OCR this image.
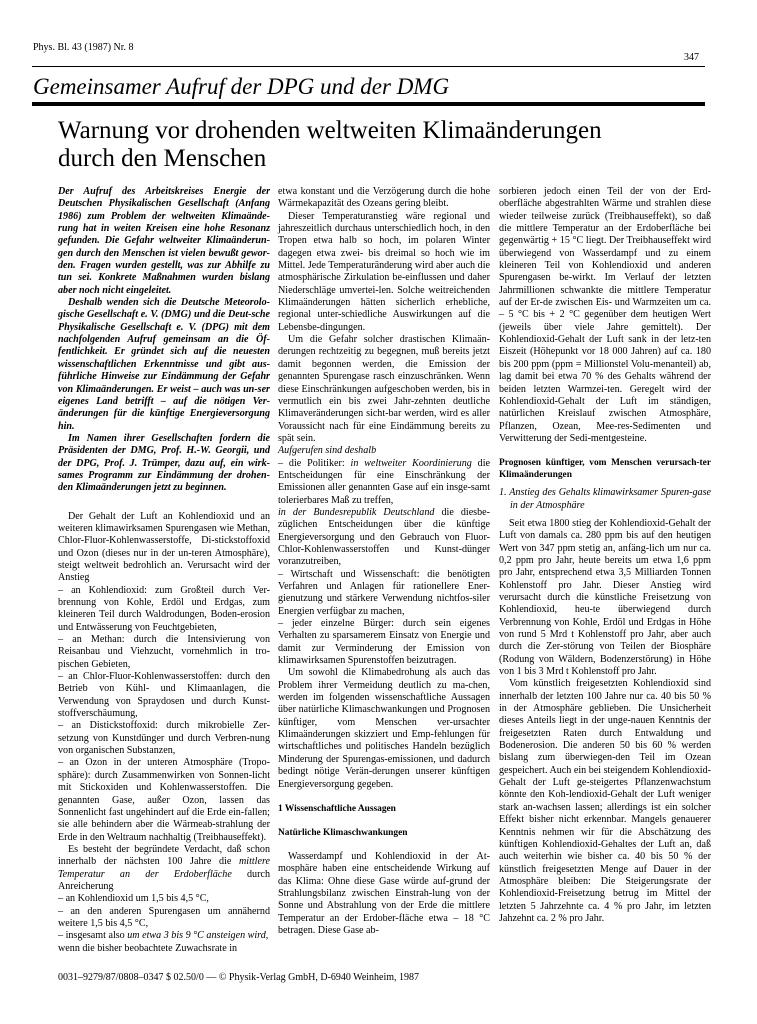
Phys. Bl. 43 (1987) Nr. 8
347
Gemeinsamer Aufruf der DPG und der DMG
Warnung vor drohenden weltweiten Klimaänderungen
durch den Menschen

Der Aufruf des Arbeitskreises Energie der Deutschen Physikalischen Gesellschaft (Anfang 1986) zum Problem der weltweiten Klimaände-rung hat in weiten Kreisen eine hohe Resonanz gefunden. Die Gefahr weltweiter Klimaänderun-gen durch den Menschen ist vielen bewußt gewor-den. Fragen wurden gestellt, was zur Abhilfe zu tun sei. Konkrete Maßnahmen wurden bislang aber noch nicht eingeleitet.

Deshalb wenden sich die Deutsche Meteorolo-gische Gesellschaft e. V. (DMG) und die Deut-sche Physikalische Gesellschaft e. V. (DPG) mit dem nachfolgenden Aufruf gemeinsam an die Öf-fentlichkeit. Er gründet sich auf die neuesten wissenschaftlichen Erkenntnisse und gibt aus-führliche Hinweise zur Eindämmung der Gefahr von Klimaänderungen. Er weist – auch was un-ser eigenes Land betrifft – auf die nötigen Ver-änderungen für die künftige Energieversorgung hin.

Im Namen ihrer Gesellschaften fordern die Präsidenten der DMG, Prof. H.-W. Georgii, und der DPG, Prof. J. Trümper, dazu auf, ein wirk-sames Programm zur Eindämmung der drohen-den Klimaänderungen jetzt zu beginnen.

Der Gehalt der Luft an Kohlendioxid und an weiteren klimawirksamen Spurengasen wie Methan, Chlor-Fluor-Kohlenwasserstoffe, Di-stickstoffoxid und Ozon (dieses nur in der un-teren Atmosphäre), steigt weltweit bedrohlich an. Verursacht wird der Anstieg

– an Kohlendioxid: zum Großteil durch Ver-brennung von Kohle, Erdöl und Erdgas, zum kleineren Teil durch Waldrodungen, Boden-erosion und Entwässerung von Feuchtgebieten,

– an Methan: durch die Intensivierung von Reisanbau und Viehzucht, vornehmlich in tro-pischen Gebieten,

– an Chlor-Fluor-Kohlenwasserstoffen: durch den Betrieb von Kühl- und Klimaanlagen, die Verwendung von Spraydosen und durch Kunst-stoffverschäumung,

– an Distickstoffoxid: durch mikrobielle Zer-setzung von Kunstdünger und durch Verbren-nung von organischen Substanzen,

– an Ozon in der unteren Atmosphäre (Tropo-sphäre): durch Zusammenwirken von Sonnen-licht mit Stickoxiden und Kohlenwasserstoffen. Die genannten Gase, außer Ozon, lassen das Sonnenlicht fast ungehindert auf die Erde ein-fallen; sie alle behindern aber die Wärmeab-strahlung der Erde in den Weltraum nachhaltig (Treibhauseffekt).

Es besteht der begründete Verdacht, daß schon innerhalb der nächsten 100 Jahre die mittlere Temperatur an der Erdoberfläche durch Anreicherung

– an Kohlendioxid um 1,5 bis 4,5 °C,

– an den anderen Spurengasen um annähernd weitere 1,5 bis 4,5 °C,

– insgesamt also um etwa 3 bis 9 °C ansteigen wird,

wenn die bisher beobachtete Zuwachsrate in

etwa konstant und die Verzögerung durch die hohe Wärmekapazität des Ozeans gering bleibt.

Dieser Temperaturanstieg wäre regional und jahreszeitlich durchaus unterschiedlich hoch, in den Tropen etwa halb so hoch, im polaren Winter dagegen etwa zwei- bis dreimal so hoch wie im Mittel. Jede Temperaturänderung wird aber auch die atmosphärische Zirkulation be-einflussen und daher Niederschläge umvertei-len. Solche weitreichenden Klimaänderungen hätten sicherlich erhebliche, regional unter-schiedliche Auswirkungen auf die Lebensbe-dingungen.

Um die Gefahr solcher drastischen Klimaän-derungen rechtzeitig zu begegnen, muß bereits jetzt damit begonnen werden, die Emission der genannten Spurengase rasch einzuschränken. Wenn diese Einschränkungen aufgeschoben werden, bis in vermutlich ein bis zwei Jahr-zehnten deutliche Klimaveränderungen sicht-bar werden, wird es aller Voraussicht nach für eine Eindämmung bereits zu spät sein.

Aufgerufen sind deshalb

– die Politiker: in weltweiter Koordinierung die Entscheidungen für eine Einschränkung der Emissionen aller genannten Gase auf ein insge-samt tolerierbares Maß zu treffen,

in der Bundesrepublik Deutschland die diesbe-züglichen Entscheidungen über die künftige Energieversorgung und den Gebrauch von Fluor-Chlor-Kohlenwasserstoffen und Kunst-dünger voranzutreiben,

– Wirtschaft und Wissenschaft: die benötigten Verfahren und Anlagen für rationellere Ener-gienutzung und stärkere Verwendung nichtfos-siler Energien verfügbar zu machen,

– jeder einzelne Bürger: durch sein eigenes Verhalten zu sparsamerem Einsatz von Energie und damit zur Verminderung der Emission von klimawirksamen Spurenstoffen beizutragen.

Um sowohl die Klimabedrohung als auch das Problem ihrer Vermeidung deutlich zu ma-chen, werden im folgenden wissenschaftliche Aussagen über natürliche Klimaschwankungen und Prognosen künftiger, vom Menschen ver-ursachter Klimaänderungen skizziert und Emp-fehlungen für wirtschaftliches und politisches Handeln bezüglich Minderung der Spurengas-emissionen, und dadurch bedingt nötige Verän-derungen unserer künftigen Energieversorgung gegeben.

1 Wissenschaftliche Aussagen

Natürliche Klimaschwankungen

Wasserdampf und Kohlendioxid in der At-mosphäre haben eine entscheidende Wirkung auf das Klima: Ohne diese Gase würde auf-grund der Strahlungsbilanz zwischen Einstrah-lung von der Sonne und Abstrahlung von der Erde die mittlere Temperatur an der Erdober-fläche etwa – 18 °C betragen. Diese Gase ab-

sorbieren jedoch einen Teil der von der Erd-oberfläche abgestrahlten Wärme und strahlen diese wieder teilweise zurück (Treibhauseffekt), so daß die mittlere Temperatur an der Erdoberfläche bei gegenwärtig + 15 °C liegt. Der Treibhauseffekt wird überwiegend von Wasserdampf und zu einem kleineren Teil von Kohlendioxid und anderen Spurengasen be-wirkt. Im Verlauf der letzten Jahrmillionen schwankte die mittlere Temperatur auf der Er-de zwischen Eis- und Warmzeiten um ca. – 5 °C bis + 2 °C gegenüber dem heutigen Wert (jeweils über viele Jahre gemittelt). Der Kohlendioxid-Gehalt der Luft sank in der letz-ten Eiszeit (Höhepunkt vor 18 000 Jahren) auf ca. 180 bis 200 ppm (ppm = Millionstel Volu-menanteil) ab, lag damit bei etwa 70 % des Gehalts während der beiden letzten Warmzei-ten. Geregelt wird der Kohlendioxid-Gehalt der Luft im ständigen, natürlichen Kreislauf zwischen Atmosphäre, Pflanzen, Ozean, Mee-res-Sedimenten und Verwitterung der Sedi-mentgesteine.

Prognosen künftiger, vom Menschen verursach-ter Klimaänderungen

1. Anstieg des Gehalts klimawirksamer Spuren-gase in der Atmosphäre

Seit etwa 1800 stieg der Kohlendioxid-Gehalt der Luft von damals ca. 280 ppm bis auf den heutigen Wert von 347 ppm stetig an, anfäng-lich um nur ca. 0,2 ppm pro Jahr, heute bereits um etwa 1,6 ppm pro Jahr, entsprechend etwa 3,5 Milliarden Tonnen Kohlenstoff pro Jahr. Dieser Anstieg wird verursacht durch die künstliche Freisetzung von Kohlendioxid, heu-te überwiegend durch Verbrennung von Kohle, Erdöl und Erdgas in Höhe von rund 5 Mrd t Kohlenstoff pro Jahr, aber auch durch die Zer-störung von Teilen der Biosphäre (Rodung von Wäldern, Bodenzerstörung) in Höhe von 1 bis 3 Mrd t Kohlenstoff pro Jahr.

Vom künstlich freigesetzten Kohlendioxid sind innerhalb der letzten 100 Jahre nur ca. 40 bis 50 % in der Atmosphäre geblieben. Die Unsicherheit dieses Anteils liegt in der unge-nauen Kenntnis der freigesetzten Raten durch Entwaldung und Bodenerosion. Die anderen 50 bis 60 % werden bislang zum überwiegen-den Teil im Ozean gespeichert. Auch ein bei steigendem Kohlendioxid-Gehalt der Luft ge-steigertes Pflanzenwachstum könnte den Koh-lendioxid-Gehalt der Luft weniger stark an-wachsen lassen; allerdings ist ein solcher Effekt bisher nicht erkennbar. Mangels genauerer Kenntnis nehmen wir für die Abschätzung des künftigen Kohlendioxid-Gehaltes der Luft an, daß auch weiterhin wie bisher ca. 40 bis 50 % der künstlich freigesetzten Menge auf Dauer in der Atmosphäre bleiben: Die Steigerungsrate der Kohlendioxid-Freisetzung betrug im Mittel der letzten 5 Jahrzehnte ca. 4 % pro Jahr, im letzten Jahzehnt ca. 2 % pro Jahr.

0031–9279/87/0808–0347 $ 02.50/0 — © Physik-Verlag GmbH, D-6940 Weinheim, 1987
